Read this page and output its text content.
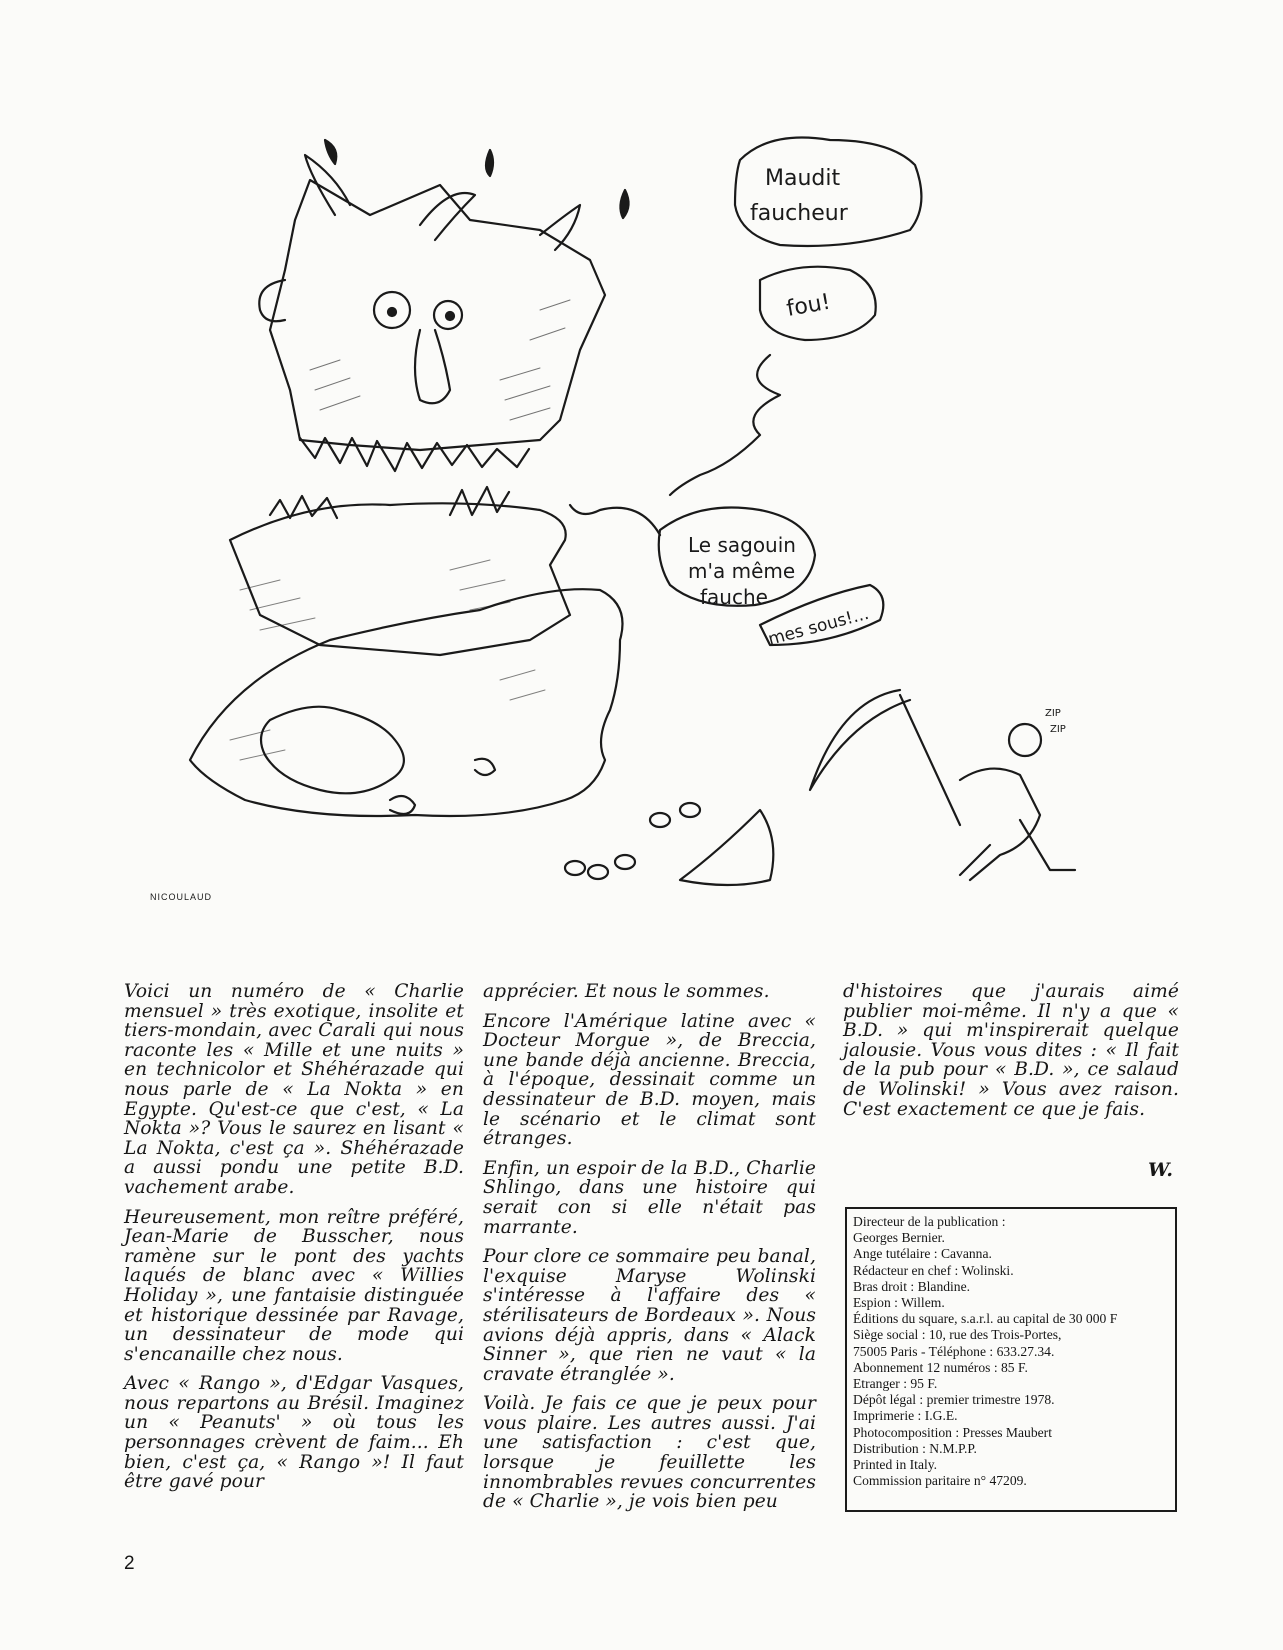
Maudit
faucheur
fou!
Le sagouin
m'a même
fauche
mes sous!...
ZIP
ZIP
NICOULAUD

Voici un numéro de « Charlie mensuel » très exotique, insolite et tiers-mondain, avec Carali qui nous raconte les « Mille et une nuits » en technicolor et Shéhérazade qui nous parle de « La Nokta » en Egypte. Qu'est-ce que c'est, « La Nokta »? Vous le saurez en lisant « La Nokta, c'est ça ». Shéhérazade a aussi pondu une petite B.D. vachement arabe.

Heureusement, mon reître préféré, Jean-Marie de Busscher, nous ramène sur le pont des yachts laqués de blanc avec « Willies Holiday », une fantaisie distinguée et historique dessinée par Ravage, un dessinateur de mode qui s'encanaille chez nous.

Avec « Rango », d'Edgar Vasques, nous repartons au Brésil. Imaginez un « Peanuts' » où tous les personnages crèvent de faim... Eh bien, c'est ça, « Rango »! Il faut être gavé pour

apprécier. Et nous le sommes.

Encore l'Amérique latine avec « Docteur Morgue », de Breccia, une bande déjà ancienne. Breccia, à l'époque, dessinait comme un dessinateur de B.D. moyen, mais le scénario et le climat sont étranges.

Enfin, un espoir de la B.D., Charlie Shlingo, dans une histoire qui serait con si elle n'était pas marrante.

Pour clore ce sommaire peu banal, l'exquise Maryse Wolinski s'intéresse à l'affaire des « stérilisateurs de Bordeaux ». Nous avions déjà appris, dans « Alack Sinner », que rien ne vaut « la cravate étranglée ».

Voilà. Je fais ce que je peux pour vous plaire. Les autres aussi. J'ai une satisfaction : c'est que, lorsque je feuillette les innombrables revues concurrentes de « Charlie », je vois bien peu

d'histoires que j'aurais aimé publier moi-même. Il n'y a que « B.D. » qui m'inspirerait quelque jalousie. Vous vous dites : « Il fait de la pub pour « B.D. », ce salaud de Wolinski! » Vous avez raison. C'est exactement ce que je fais.

W.
Directeur de la publication :
Georges Bernier.
Ange tutélaire : Cavanna.
Rédacteur en chef : Wolinski.
Bras droit : Blandine.
Espion : Willem.
Éditions du square, s.a.r.l. au capital de 30 000 F
Siège social : 10, rue des Trois-Portes,
75005 Paris - Téléphone : 633.27.34.
Abonnement 12 numéros : 85 F.
Etranger : 95 F.
Dépôt légal : premier trimestre 1978.
Imprimerie : I.G.E.
Photocomposition : Presses Maubert
Distribution : N.M.P.P.
Printed in Italy.
Commission paritaire n° 47209.
2
